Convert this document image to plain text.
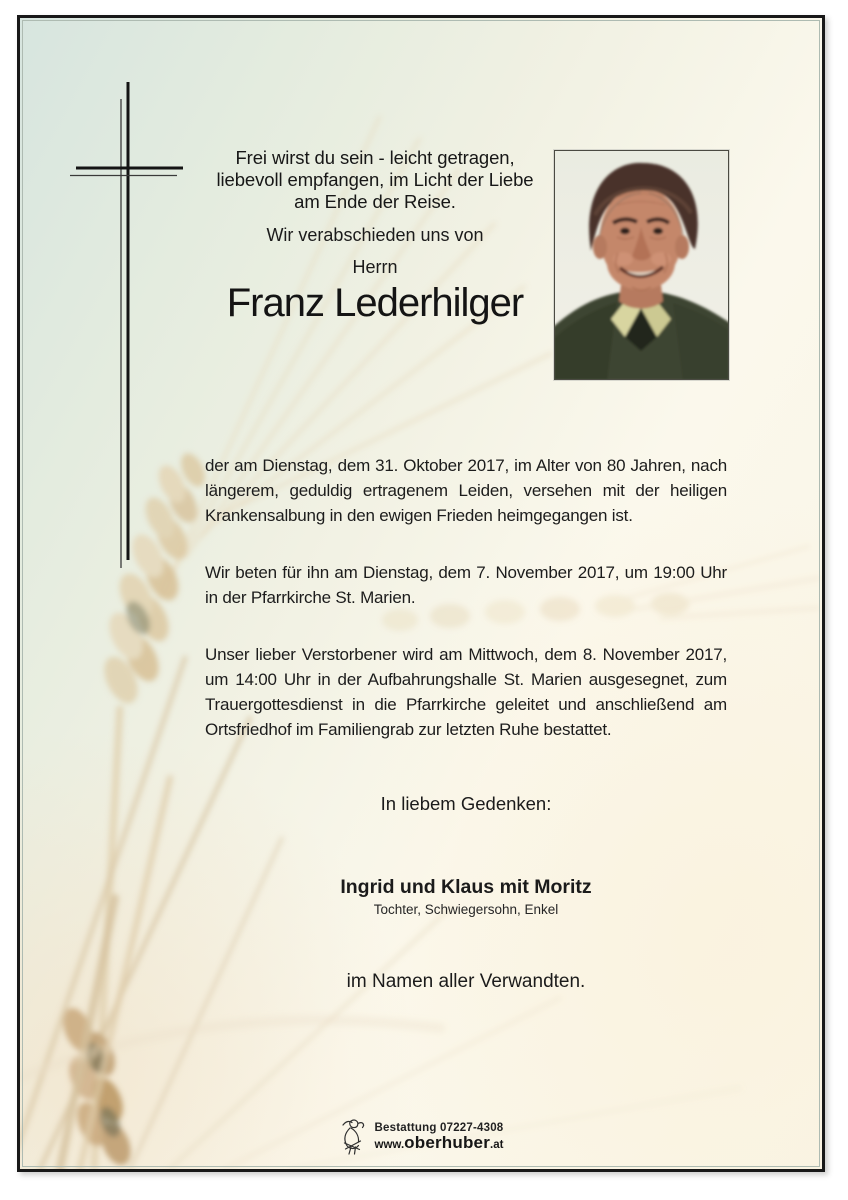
Frei wirst du sein - leicht getragen,
liebevoll empfangen, im Licht der Liebe
am Ende der Reise.
Wir verabschieden uns von
Herrn
Franz Lederhilger

der am Dienstag, dem 31. Oktober 2017, im Alter von 80 Jahren, nach längerem, geduldig ertragenem Leiden, versehen mit der heiligen Krankensalbung in den ewigen Frieden heimgegangen ist.

Wir beten für ihn am Dienstag, dem 7. November 2017, um 19:00 Uhr in der Pfarrkirche St. Marien.

Unser lieber Verstorbener wird am Mittwoch, dem 8. November 2017, um 14:00 Uhr in der Aufbahrungshalle St. Marien ausgesegnet, zum Trauergottesdienst in die Pfarrkirche geleitet und anschließend am Ortsfriedhof im Familiengrab zur letzten Ruhe bestattet.

In liebem Gedenken:
Ingrid und Klaus mit Moritz
Tochter, Schwiegersohn, Enkel
im Namen aller Verwandten.
Bestattung 07227-4308
www.oberhuber.at
